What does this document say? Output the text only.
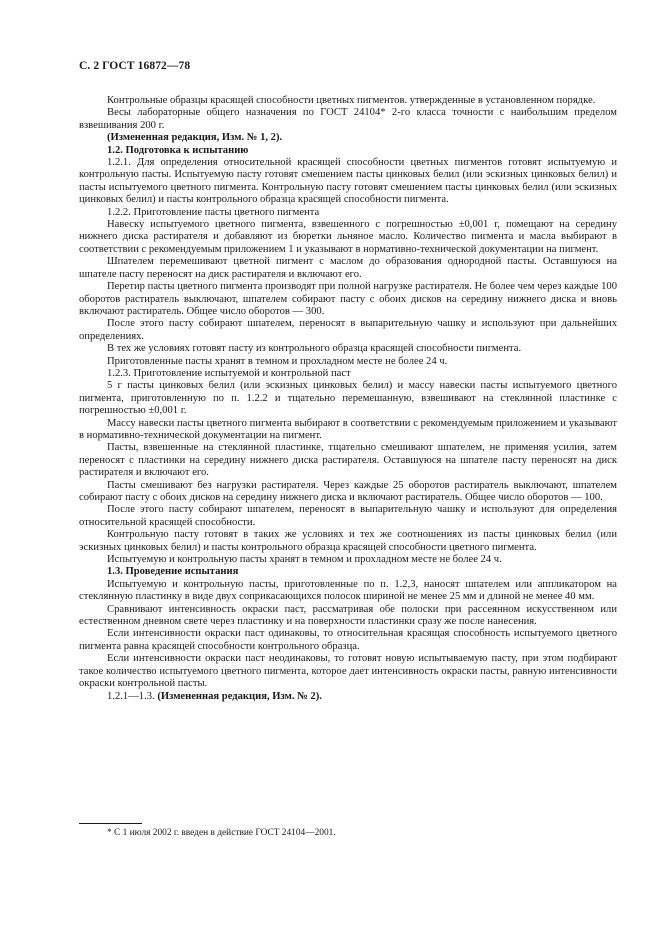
С. 2 ГОСТ 16872—78

Контрольные образцы красящей способности цветных пигментов. утвержденные в установленном порядке.

Весы лабораторные общего назначения по ГОСТ 24104* 2-го класса точности с наибольшим пределом взвешивания 200 г.

(Измененная редакция, Изм. № 1, 2).

1.2. Подготовка к испытанию

1.2.1. Для определения относительной красящей способности цветных пигментов готовят испытуемую и контрольную пасты. Испытуемую пасту готовят смешением пасты цинковых белил (или эскизных цинковых белил) и пасты испытуемого цветного пигмента. Контрольную пасту готовят смешением пасты цинковых белил (или эскизных цинковых белил) и пасты контрольного образца красящей способности пигмента.

1.2.2. Приготовление пасты цветного пигмента

Навеску испытуемого цветного пигмента, взвешенного с погрешностью ±0,001 г, помещают на середину нижнего диска растирателя и добавляют из бюретки льняное масло. Количество пигмента и масла выбирают в соответствии с рекомендуемым приложением 1 и указывают в нормативно-технической документации на пигмент.

Шпателем перемешивают цветной пигмент с маслом до образования однородной пасты. Оставшуюся на шпателе пасту переносят на диск растирателя и включают его.

Перетир пасты цветного пигмента производят при полной нагрузке растирателя. Не более чем через каждые 100 оборотов растиратель выключают, шпателем собирают пасту с обоих дисков на середину нижнего диска и вновь включают растиратель. Общее число оборотов — 300.

После этого пасту собирают шпателем, переносят в выпарительную чашку и используют при дальнейших определениях.

В тех же условиях готовят пасту из контрольного образца красящей способности пигмента.

Приготовленные пасты хранят в темном и прохладном месте не более 24 ч.

1.2.3. Приготовление испытуемой и контрольной паст

5 г пасты цинковых белил (или эскизных цинковых белил) и массу навески пасты испытуемого цветного пигмента, приготовленную по п. 1.2.2 и тщательно перемешанную, взвешивают на стеклянной пластинке с погрешностью ±0,001 г.

Массу навески пасты цветного пигмента выбирают в соответствии с рекомендуемым приложением и указывают в нормативно-технической документации на пигмент.

Пасты, взвешенные на стеклянной пластинке, тщательно смешивают шпателем, не применяя усилия, затем переносят с пластинки на середину нижнего диска растирателя. Оставшуюся на шпателе пасту переносят на диск растирателя и включают его.

Пасты смешивают без нагрузки растирателя. Через каждые 25 оборотов растиратель выключают, шпателем собирают пасту с обоих дисков на середину нижнего диска и включают растиратель. Общее число оборотов — 100.

После этого пасту собирают шпателем, переносят в выпарительную чашку и используют для определения относительной красящей способности.

Контрольную пасту готовят в таких же условиях и тех же соотношениях из пасты цинковых белил (или эскизных цинковых белил) и пасты контрольного образца красящей способности цветного пигмента.

Испытуемую и контрольную пасты хранят в темном и прохладном месте не более 24 ч.

1.3. Проведение испытания

Испытуемую и контрольную пасты, приготовленные по п. 1.2,3, наносят шпателем или аппликатором на стеклянную пластинку в виде двух соприкасающихся полосок шириной не менее 25 мм и длиной не менее 40 мм.

Сравнивают интенсивность окраски паст, рассматривая обе полоски при рассеянном искусственном или естественном дневном свете через пластинку и на поверхности пластинки сразу же после нанесения.

Если интенсивности окраски паст одинаковы, то относительная красящая способность испытуемого цветного пигмента равна красящей способности контрольного образца.

Если интенсивности окраски паст неодинаковы, то готовят новую испытываемую пасту, при этом подбирают такое количество испытуемого цветного пигмента, которое дает интенсивность окраски пасты, равную интенсивности окраски контрольной пасты.

1.2.1—1.3. (Измененная редакция, Изм. № 2).

* С 1 июля 2002 г. введен в действие ГОСТ 24104—2001.
